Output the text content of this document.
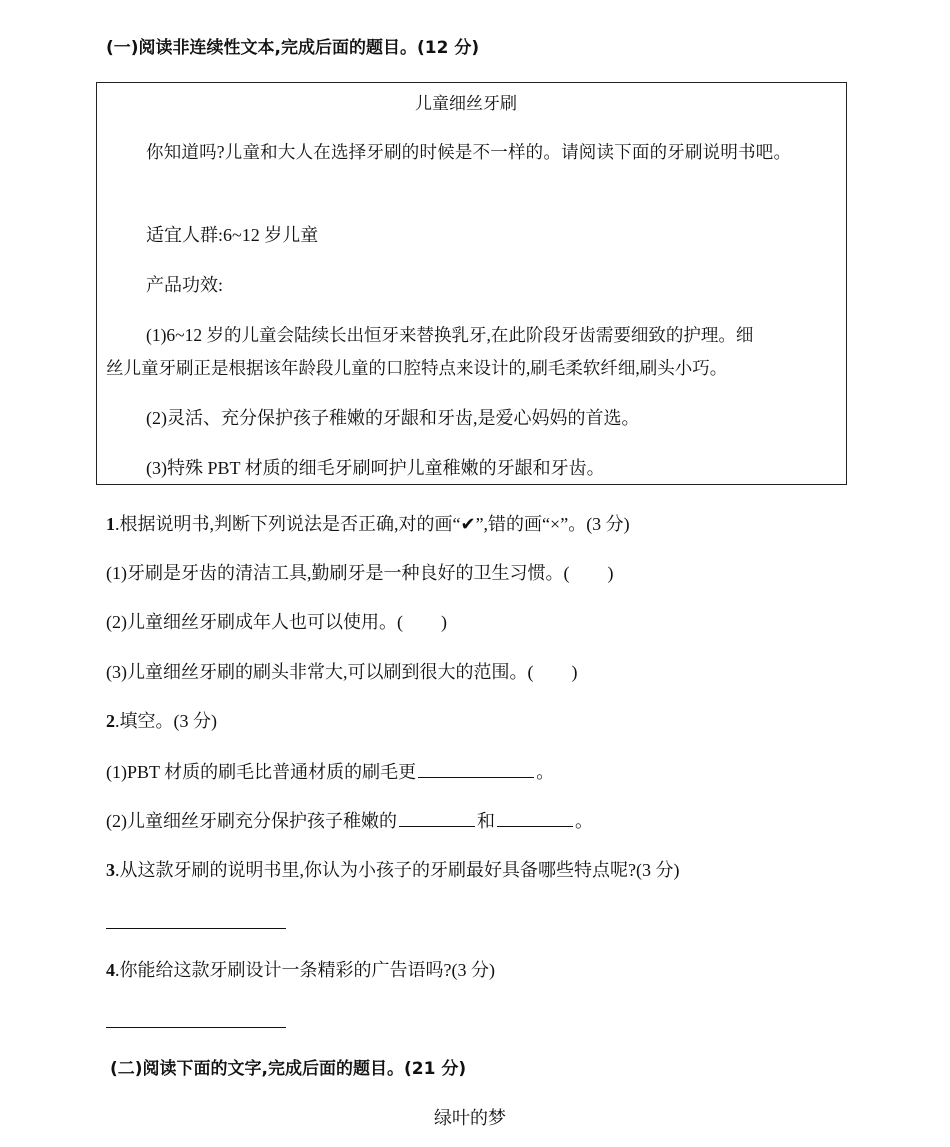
(一)阅读非连续性文本,完成后面的题目。(12 分)
儿童细丝牙刷
你知道吗?儿童和大人在选择牙刷的时候是不一样的。请阅读下面的牙刷说明书吧。
适宜人群:6~12 岁儿童
产品功效:
(1)6~12 岁的儿童会陆续长出恒牙来替换乳牙,在此阶段牙齿需要细致的护理。细
丝儿童牙刷正是根据该年龄段儿童的口腔特点来设计的,刷毛柔软纤细,刷头小巧。
(2)灵活、充分保护孩子稚嫩的牙龈和牙齿,是爱心妈妈的首选。
(3)特殊 PBT 材质的细毛牙刷呵护儿童稚嫩的牙龈和牙齿。
1.根据说明书,判断下列说法是否正确,对的画“✔”,错的画“×”。(3 分)
(1)牙刷是牙齿的清洁工具,勤刷牙是一种良好的卫生习惯。( )
(2)儿童细丝牙刷成年人也可以使用。( )
(3)儿童细丝牙刷的刷头非常大,可以刷到很大的范围。( )
2.填空。(3 分)
(1)PBT 材质的刷毛比普通材质的刷毛更	。
(2)儿童细丝牙刷充分保护孩子稚嫩的	和	。
3.从这款牙刷的说明书里,你认为小孩子的牙刷最好具备哪些特点呢?(3 分)
4.你能给这款牙刷设计一条精彩的广告语吗?(3 分)
(二)阅读下面的文字,完成后面的题目。(21 分)
绿叶的梦
